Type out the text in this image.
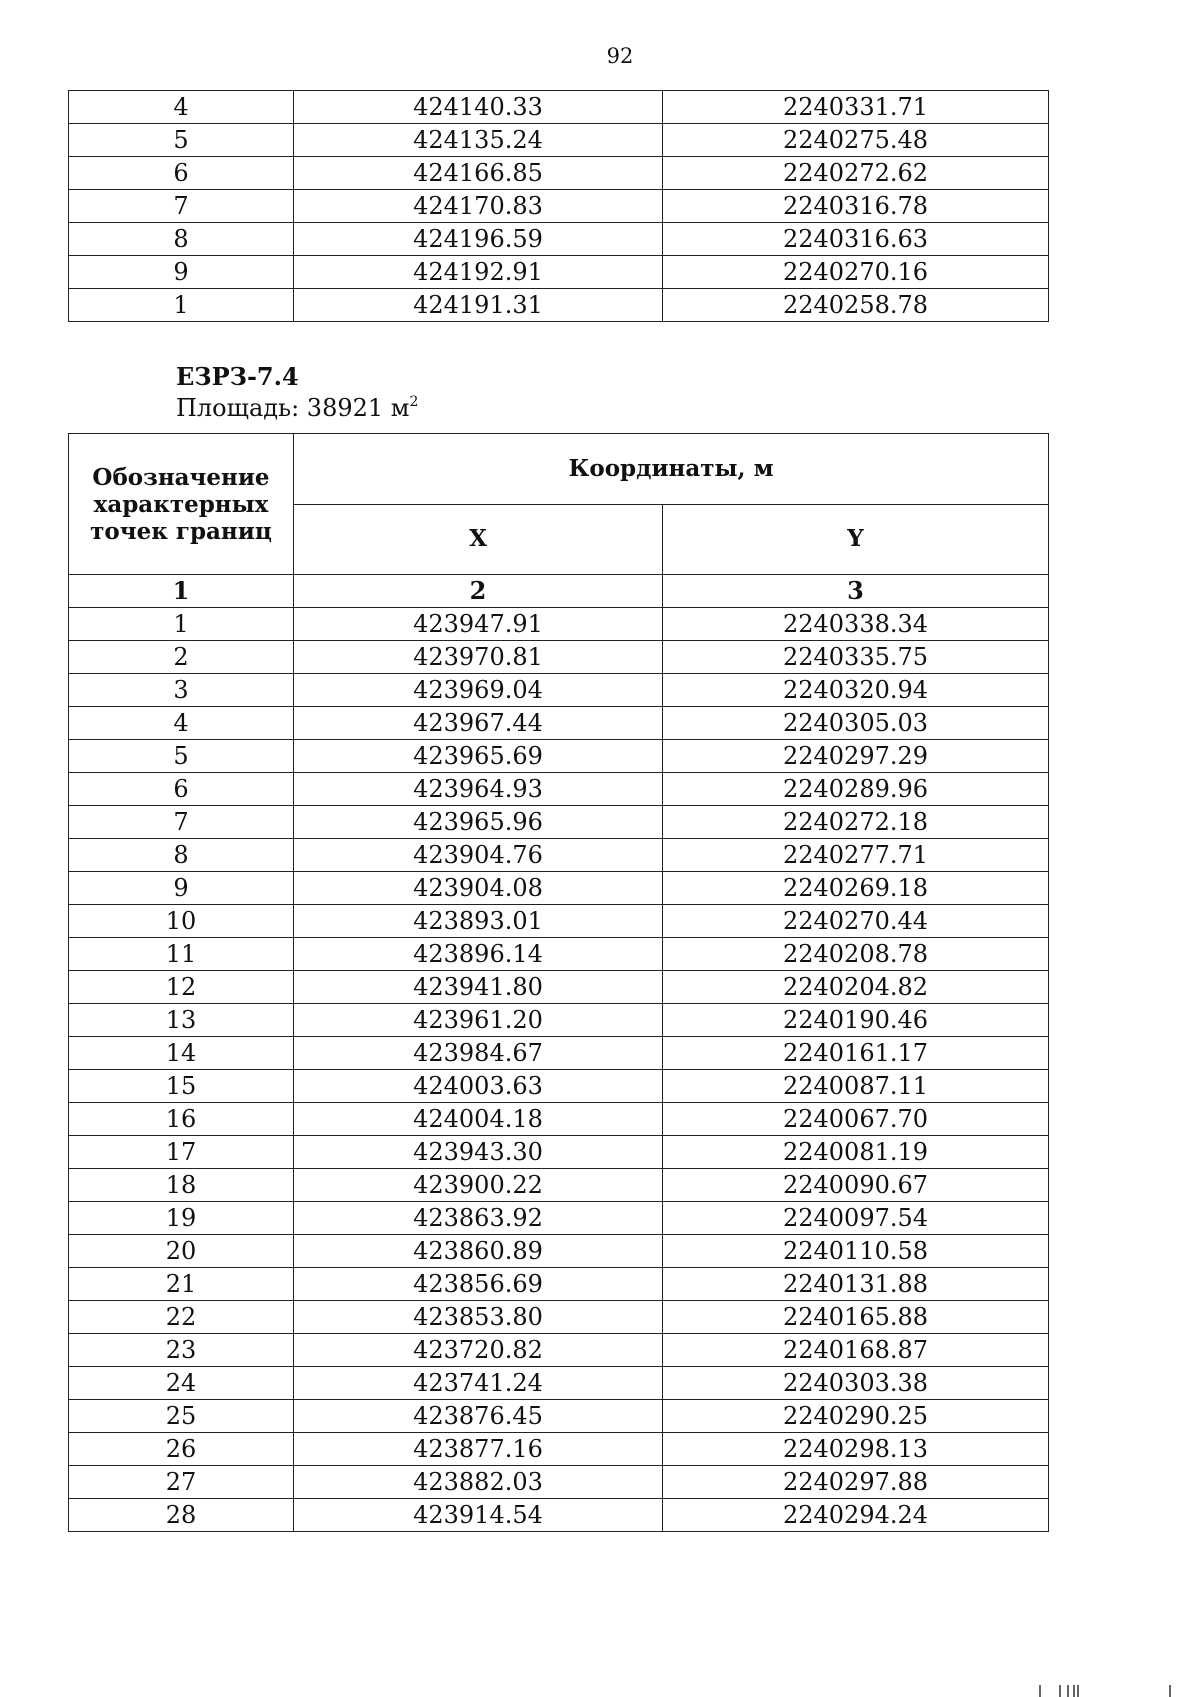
92
4	424140.33	2240331.71
5	424135.24	2240275.48
6	424166.85	2240272.62
7	424170.83	2240316.78
8	424196.59	2240316.63
9	424192.91	2240270.16
1	424191.31	2240258.78
ЕЗРЗ-7.4
Площадь: 38921 $м^2$
Обозначение характерных точек границ	Координаты, м	
	X	Y
1	2	3
1	423947.91	2240338.34
2	423970.81	2240335.75
3	423969.04	2240320.94
4	423967.44	2240305.03
5	423965.69	2240297.29
6	423964.93	2240289.96
7	423965.96	2240272.18
8	423904.76	2240277.71
9	423904.08	2240269.18
10	423893.01	2240270.44
11	423896.14	2240208.78
12	423941.80	2240204.82
13	423961.20	2240190.46
14	423984.67	2240161.17
15	424003.63	2240087.11
16	424004.18	2240067.70
17	423943.30	2240081.19
18	423900.22	2240090.67
19	423863.92	2240097.54
20	423860.89	2240110.58
21	423856.69	2240131.88
22	423853.80	2240165.88
23	423720.82	2240168.87
24	423741.24	2240303.38
25	423876.45	2240290.25
26	423877.16	2240298.13
27	423882.03	2240297.88
28	423914.54	2240294.24
